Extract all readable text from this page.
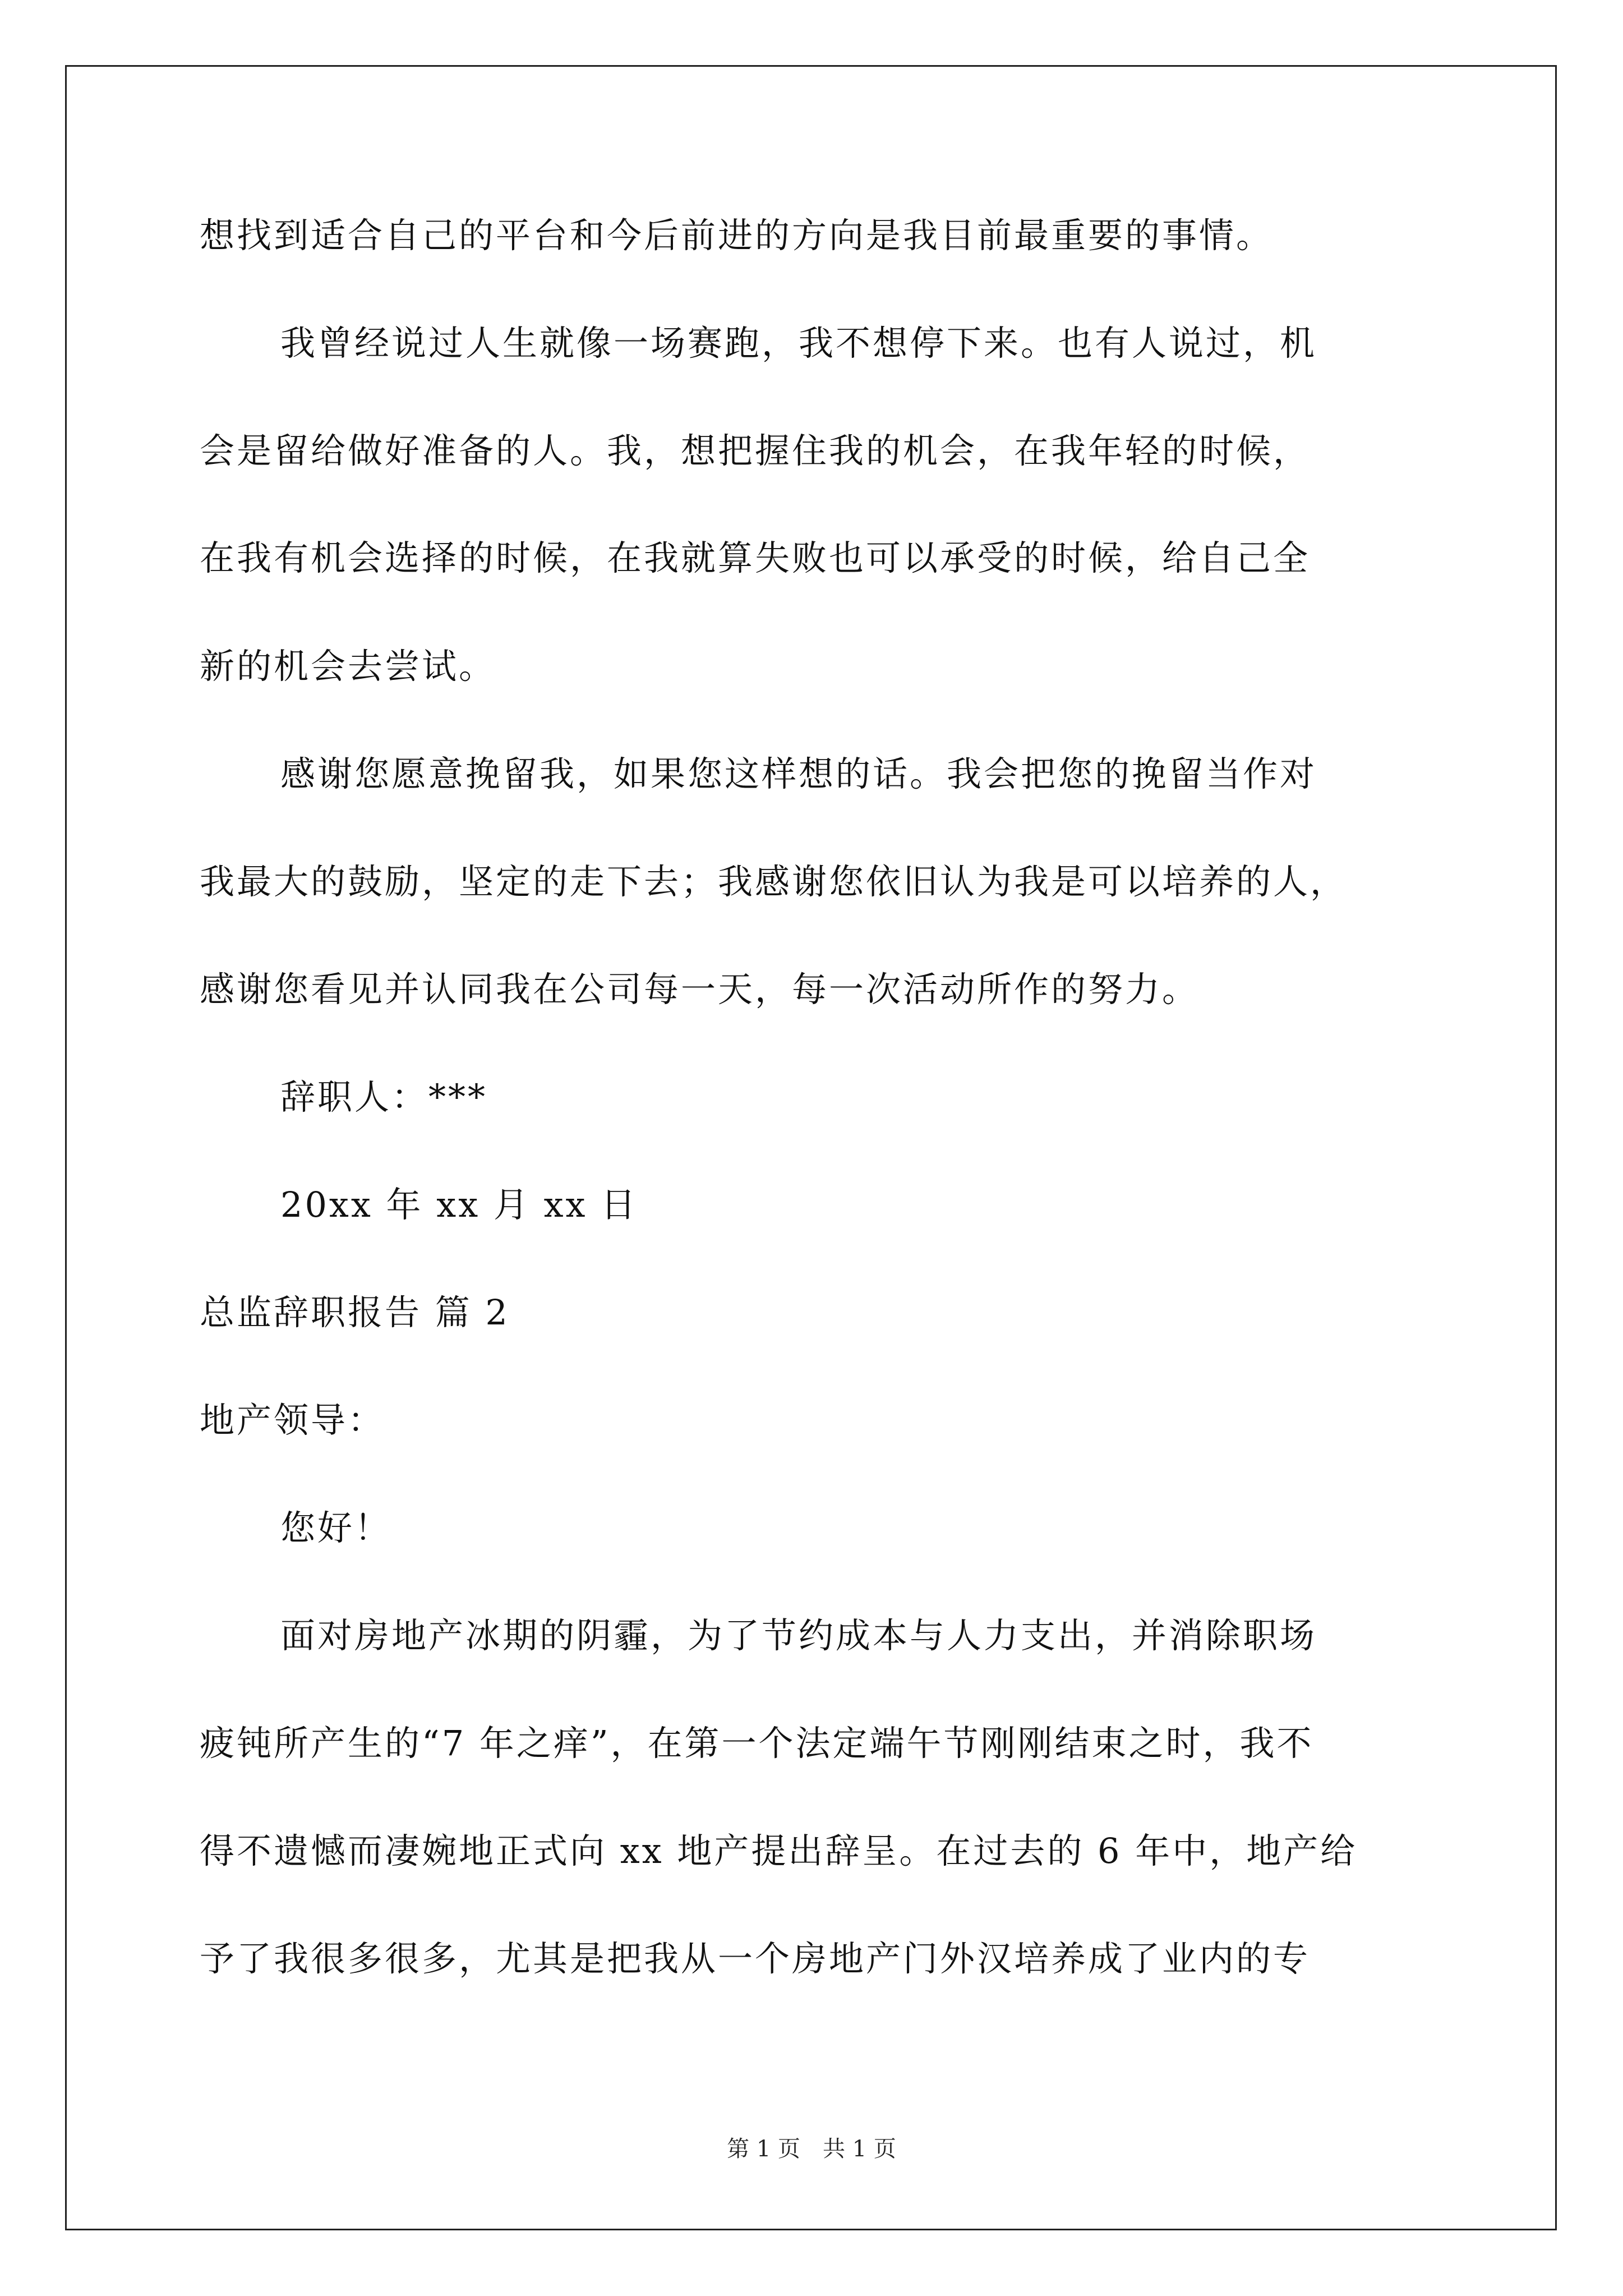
想找到适合自己的平台和今后前进的方向是我目前最重要的事情。
我曾经说过人生就像一场赛跑，我不想停下来。也有人说过，机
会是留给做好准备的人。我，想把握住我的机会，在我年轻的时候，
在我有机会选择的时候，在我就算失败也可以承受的时候，给自己全
新的机会去尝试。
感谢您愿意挽留我，如果您这样想的话。我会把您的挽留当作对
我最大的鼓励，坚定的走下去；我感谢您依旧认为我是可以培养的人，
感谢您看见并认同我在公司每一天，每一次活动所作的努力。
辞职人：***
20xx 年 xx 月 xx 日
总监辞职报告 篇 2
地产领导：
您好！
面对房地产冰期的阴霾，为了节约成本与人力支出，并消除职场
疲钝所产生的“7 年之痒”，在第一个法定端午节刚刚结束之时，我不
得不遗憾而凄婉地正式向 xx 地产提出辞呈。在过去的 6 年中，地产给
予了我很多很多，尤其是把我从一个房地产门外汉培养成了业内的专
第 1 页 共 1 页
